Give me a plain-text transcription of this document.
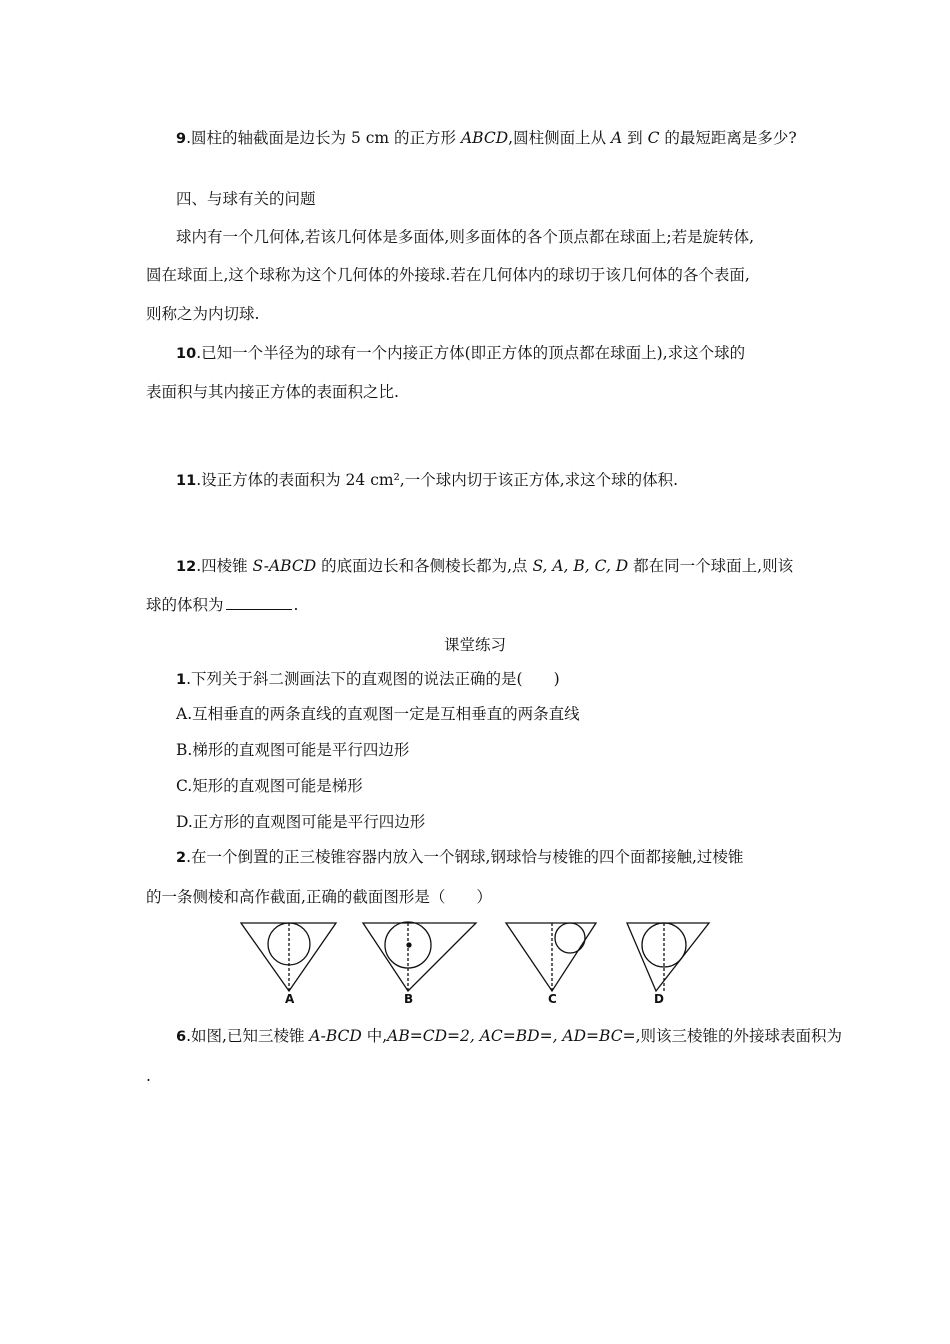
9.圆柱的轴截面是边长为 5 cm 的正方形 ABCD,圆柱侧面上从 A 到 C 的最短距离是多少?
四、与球有关的问题
球内有一个几何体,若该几何体是多面体,则多面体的各个顶点都在球面上;若是旋转体,
圆在球面上,这个球称为这个几何体的外接球.若在几何体内的球切于该几何体的各个表面,
则称之为内切球.
10.已知一个半径为的球有一个内接正方体(即正方体的顶点都在球面上),求这个球的
表面积与其内接正方体的表面积之比.
11.设正方体的表面积为 24 cm²,一个球内切于该正方体,求这个球的体积.
12.四棱锥 S-ABCD 的底面边长和各侧棱长都为,点 S, A, B, C, D 都在同一个球面上,则该
球的体积为	.
课堂练习
1.下列关于斜二测画法下的直观图的说法正确的是(　　)
A.互相垂直的两条直线的直观图一定是互相垂直的两条直线
B.梯形的直观图可能是平行四边形
C.矩形的直观图可能是梯形
D.正方形的直观图可能是平行四边形
2.在一个倒置的正三棱锥容器内放入一个钢球,钢球恰与棱锥的四个面都接触,过棱锥
的一条侧棱和高作截面,正确的截面图形是（　　）
A	B	C	D
6.如图,已知三棱锥 A-BCD 中,AB=CD=2, AC=BD=, AD=BC=,则该三棱锥的外接球表面积为
.
